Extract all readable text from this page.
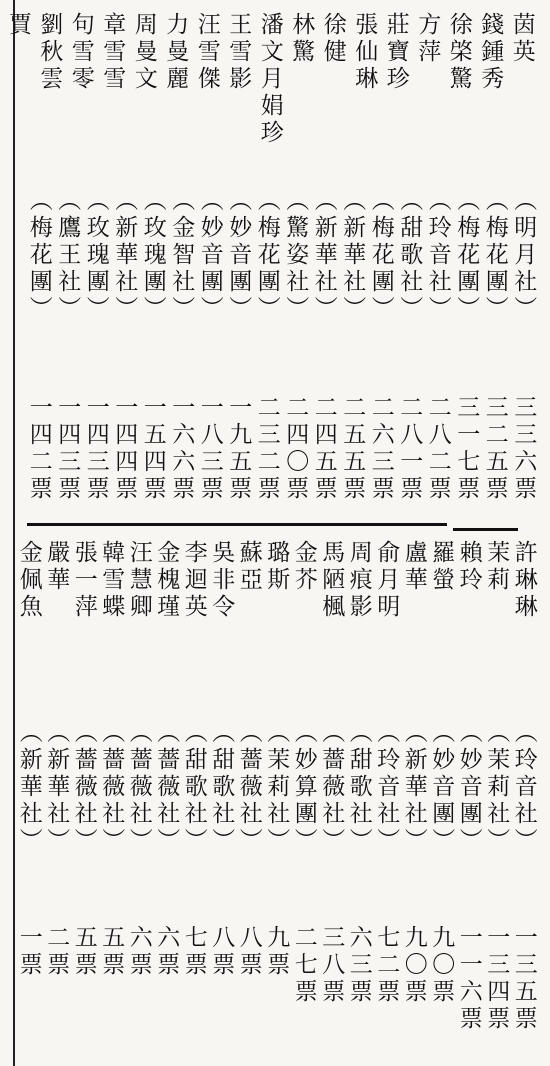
茵
英
錢
鍾
秀
徐
棨
驚
方
萍
莊
寶
珍
張
仙
琳
徐
健
林
驚
潘
文
月
娟
珍
王
雪
影
汪
雪
傑
力
曼
麗
周
曼
文
章
雪
雪
句
雪
零
劉
秋
雲
賈
︵
明
月
社
︶
︵
梅
花
團
︶
︵
梅
花
團
︶
︵
玲
音
社
︶
︵
甜
歌
社
︶
︵
梅
花
團
︶
︵
新
華
社
︶
︵
新
華
社
︶
︵
驚
姿
社
︶
︵
梅
花
團
︶
︵
妙
音
團
︶
︵
妙
音
團
︶
︵
金
智
社
︶
︵
玫
瑰
團
︶
︵
新
華
社
︶
︵
玫
瑰
團
︶
︵
鷹
王
社
︶
︵
梅
花
團
︶
三
三
六
票
三
二
五
票
三
一
七
票
二
八
二
票
二
八
一
票
二
六
三
票
二
五
五
票
二
四
五
票
二
四
〇
票
二
三
二
票
一
九
五
票
一
八
三
票
一
六
六
票
一
五
四
票
一
四
四
票
一
四
三
票
一
四
三
票
一
四
二
票
許
琳
琳
茉
莉
賴
玲
羅
螢
盧
華
俞
月
明
周
痕
影
馬
陋
楓
金
芥
璐
斯
蘇
亞
吳
非
令
李
迴
英
金
槐
瑾
汪
慧
卿
韓
雪
蝶
張
一
萍
嚴
華
金
佩
魚
︵
玲
音
社
︶
︵
茉
莉
社
︶
︵
妙
音
團
︶
︵
妙
音
團
︶
︵
新
華
社
︶
︵
玲
音
社
︶
︵
甜
歌
社
︶
︵
薔
薇
社
︶
︵
妙
算
團
︶
︵
茉
莉
社
︶
︵
薔
薇
社
︶
︵
甜
歌
社
︶
︵
甜
歌
社
︶
︵
薔
薇
社
︶
︵
薔
薇
社
︶
︵
薔
薇
社
︶
︵
薔
薇
社
︶
︵
新
華
社
︶
︵
新
華
社
︶
一
三
五
票
一
三
四
票
一
一
六
票
九
〇
票
九
〇
票
七
二
票
六
三
票
三
八
票
二
七
票
九
票
八
票
八
票
七
票
六
票
六
票
五
票
五
票
二
票
一
票
